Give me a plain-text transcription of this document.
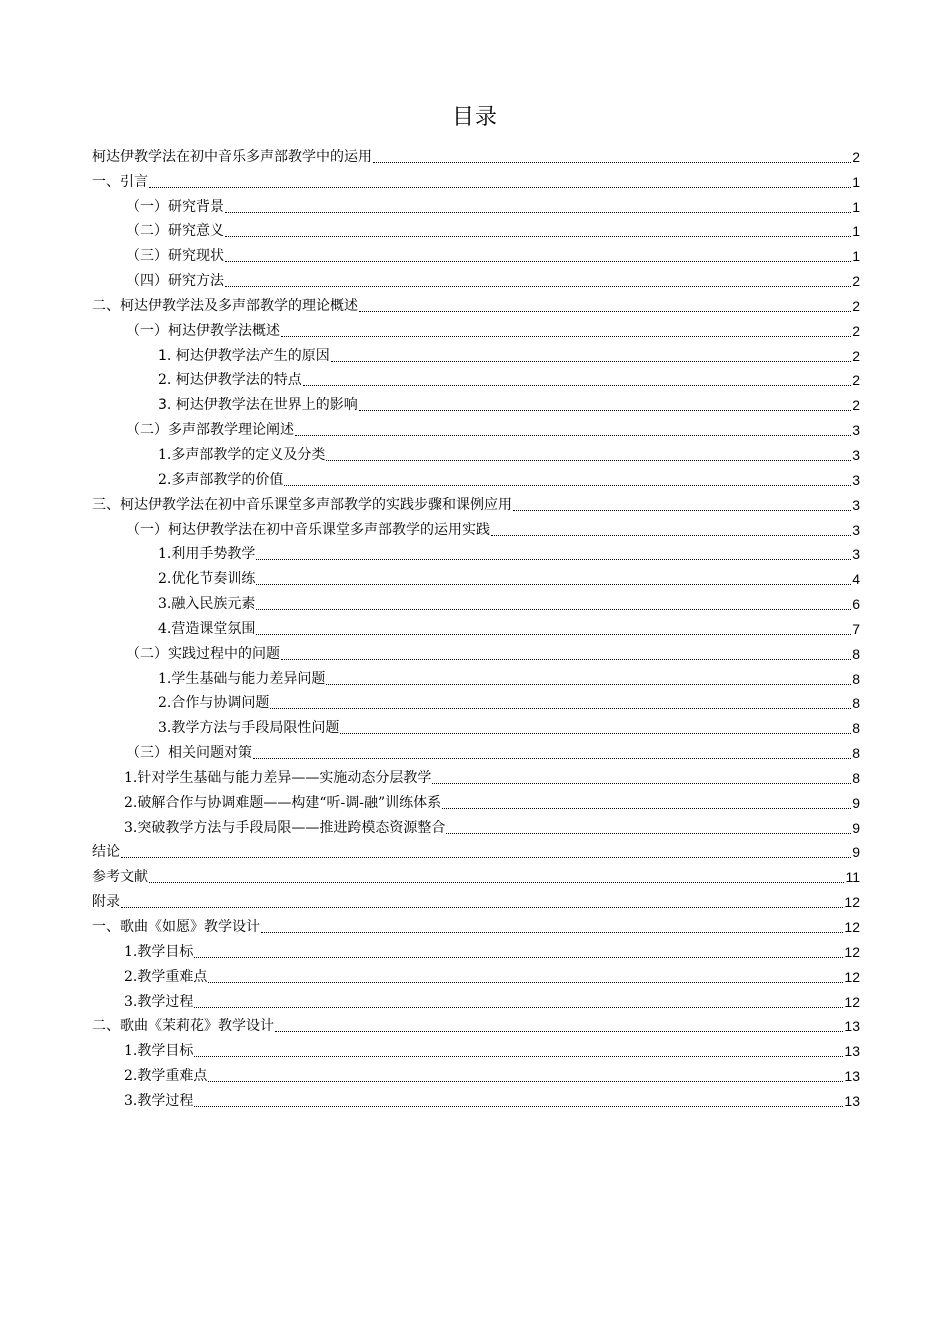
目录
柯达伊教学法在初中音乐多声部教学中的运用	2
一、引言	1
（一）研究背景	1
（二）研究意义	1
（三）研究现状	1
（四）研究方法	2
二、柯达伊教学法及多声部教学的理论概述	2
（一）柯达伊教学法概述	2
1. 柯达伊教学法产生的原因	2
2. 柯达伊教学法的特点	2
3. 柯达伊教学法在世界上的影响	2
（二）多声部教学理论阐述	3
1.多声部教学的定义及分类	3
2.多声部教学的价值	3
三、柯达伊教学法在初中音乐课堂多声部教学的实践步骤和课例应用	3
（一）柯达伊教学法在初中音乐课堂多声部教学的运用实践	3
1.利用手势教学	3
2.优化节奏训练	4
3.融入民族元素	6
4.营造课堂氛围	7
（二）实践过程中的问题	8
1.学生基础与能力差异问题	8
2.合作与协调问题	8
3.教学方法与手段局限性问题	8
（三）相关问题对策	8
1.针对学生基础与能力差异——实施动态分层教学	8
2.破解合作与协调难题——构建“听-调-融”训练体系	9
3.突破教学方法与手段局限——推进跨模态资源整合	9
结论	9
参考文献	11
附录	12
一、歌曲《如愿》教学设计	12
1.教学目标	12
2.教学重难点	12
3.教学过程	12
二、歌曲《茉莉花》教学设计	13
1.教学目标	13
2.教学重难点	13
3.教学过程	13
